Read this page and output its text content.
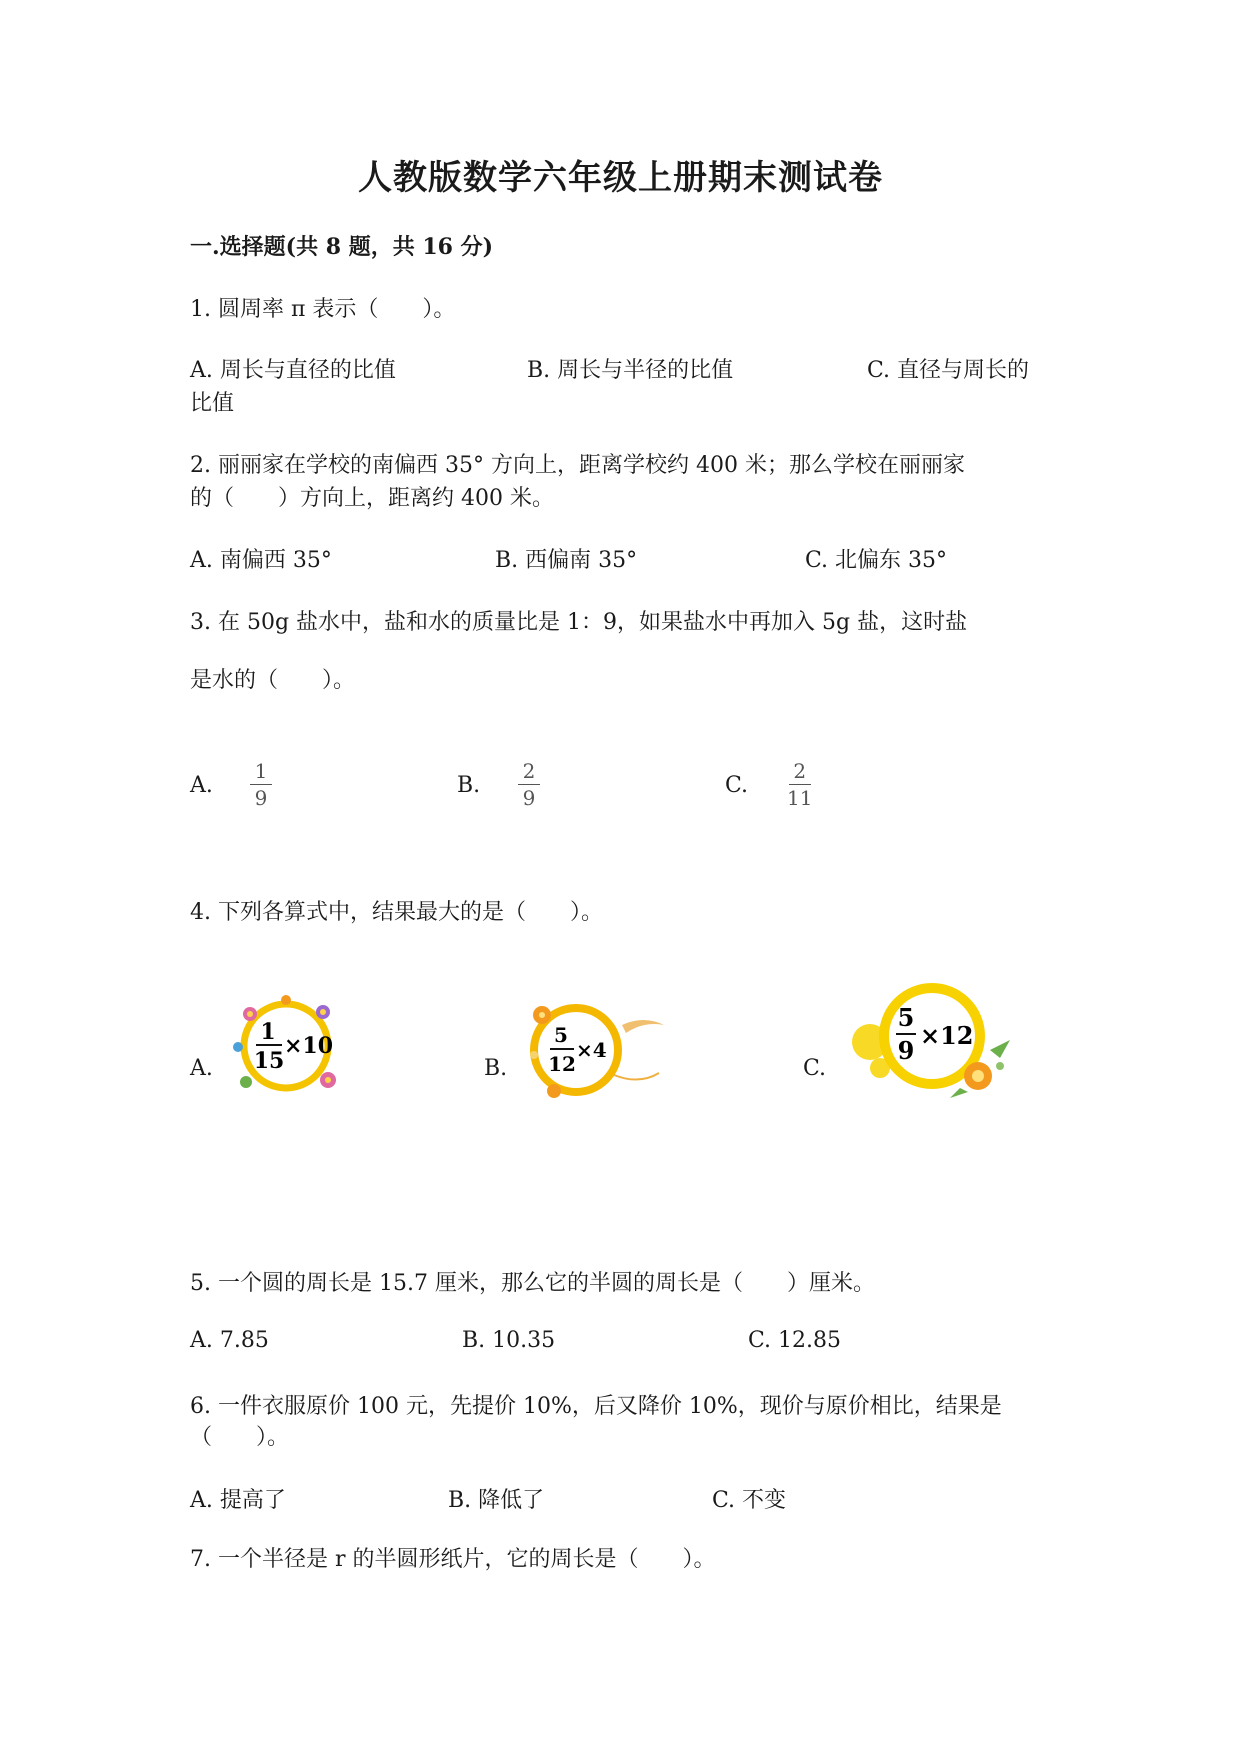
人教版数学六年级上册期末测试卷
一.选择题(共 8 题，共 16 分)
1. 圆周率 π 表示（　　）。
A. 周长与直径的比值	B. 周长与半径的比值	C. 直径与周长的
比值
2. 丽丽家在学校的南偏西 35° 方向上，距离学校约 400 米；那么学校在丽丽家
的（　　）方向上，距离约 400 米。
A. 南偏西 35°	B. 西偏南 35°	C. 北偏东 35°
3. 在 50g 盐水中，盐和水的质量比是 1：9，如果盐水中再加入 5g 盐，这时盐
是水的（　　）。
A.
1
9	B.
2
9	C.
2
11
4. 下列各算式中，结果最大的是（　　）。
A.
1
15
×10
B.
5
12
×4
C.
5
9
×12
5. 一个圆的周长是 15.7 厘米，那么它的半圆的周长是（　　）厘米。
A. 7.85	B. 10.35	C. 12.85
6. 一件衣服原价 100 元，先提价 10%，后又降价 10%，现价与原价相比，结果是
（　　）。
A. 提高了	B. 降低了	C. 不变
7. 一个半径是 r 的半圆形纸片，它的周长是（　　）。
